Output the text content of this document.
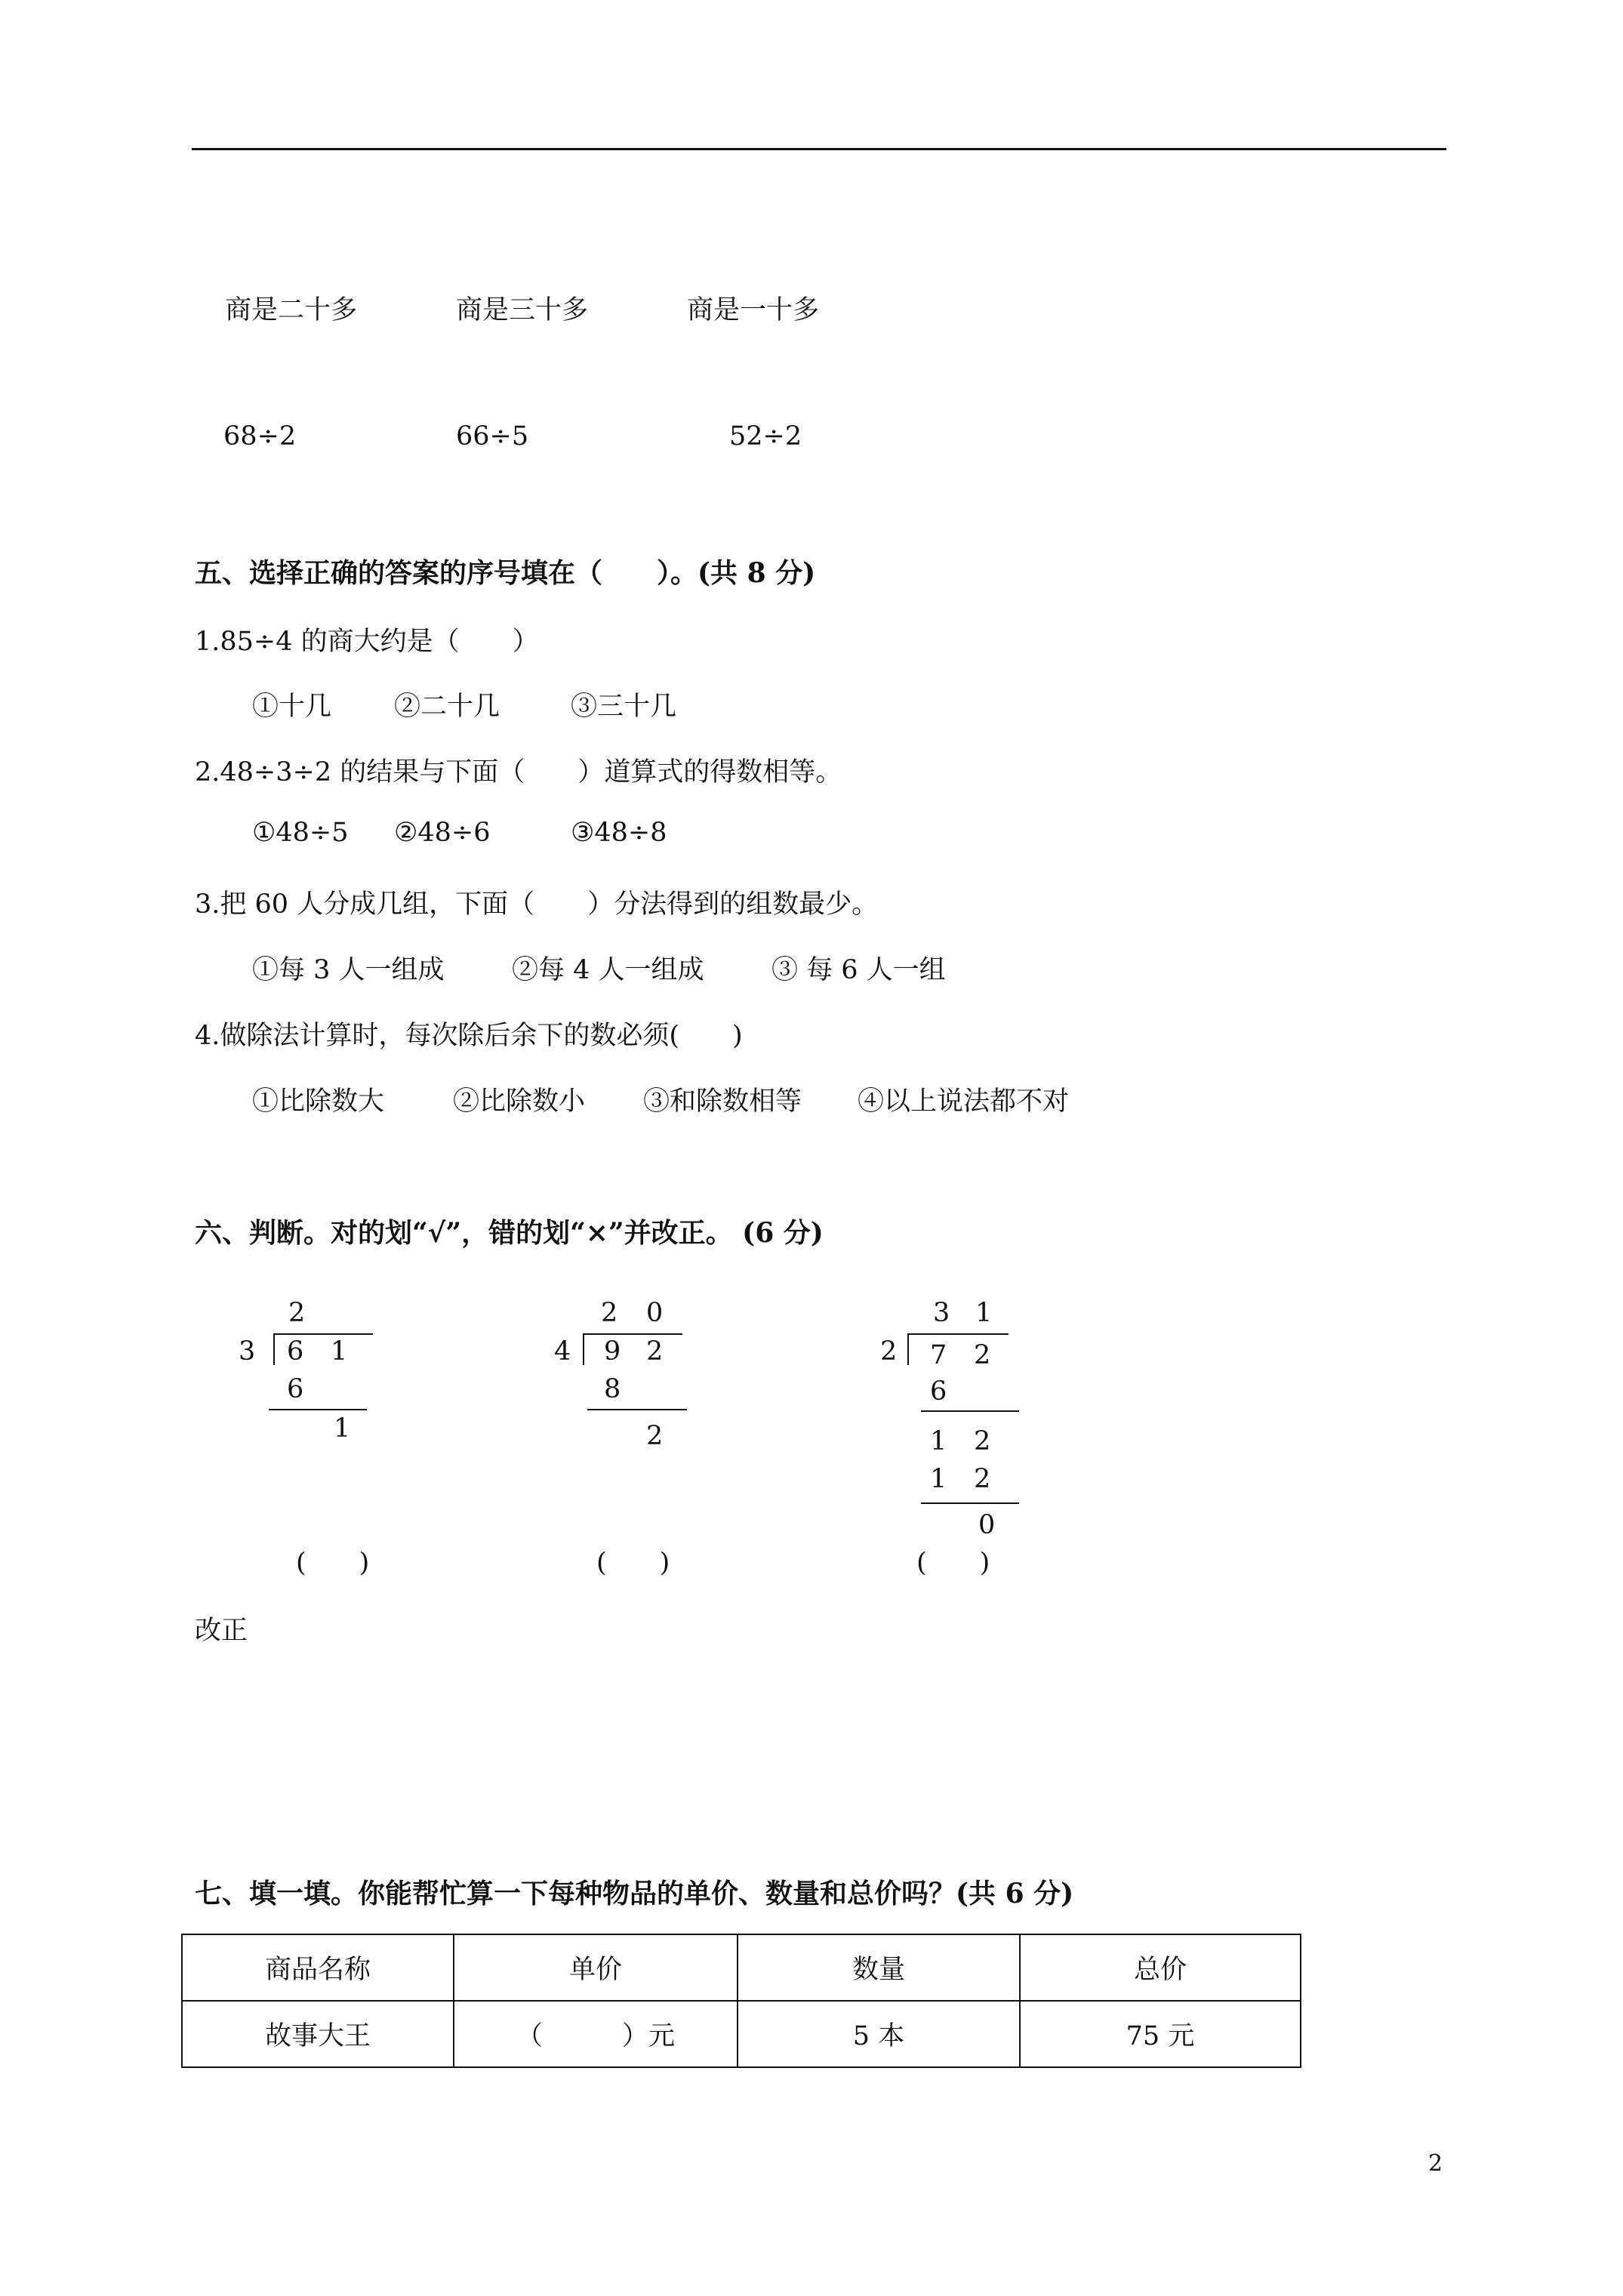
商是二十多	商是三十多	商是一十多
68÷2	66÷5	52÷2
五、选择正确的答案的序号填在（　　）。(共 8 分)
1.85÷4 的商大约是（　　）
①十几 ②二十几	③三十几
2.48÷3÷2 的结果与下面（　　）道算式的得数相等。
①48÷5 ②48÷6	③48÷8
3.把 60 人分成几组，下面（　　）分法得到的组数最少。
①每 3 人一组成	②每 4 人一组成	③ 每 6 人一组
4.做除法计算时，每次除后余下的数必须(　　)
①比除数大	②比除数小 ③和除数相等 ④以上说法都不对
六、判断。对的划“√”，错的划“×”并改正。 (6 分)
2
3 6 1
6
1
(　　)
2 0
4 9 2
8
2
(　　)
3 1
2 7 2
6
1 2
1 2
0
(　　)
改正
七、填一填。你能帮忙算一下每种物品的单价、数量和总价吗？(共 6 分)
商品名称	单价	数量	总价
故事大王	（　　　）元	5 本	75 元
2
